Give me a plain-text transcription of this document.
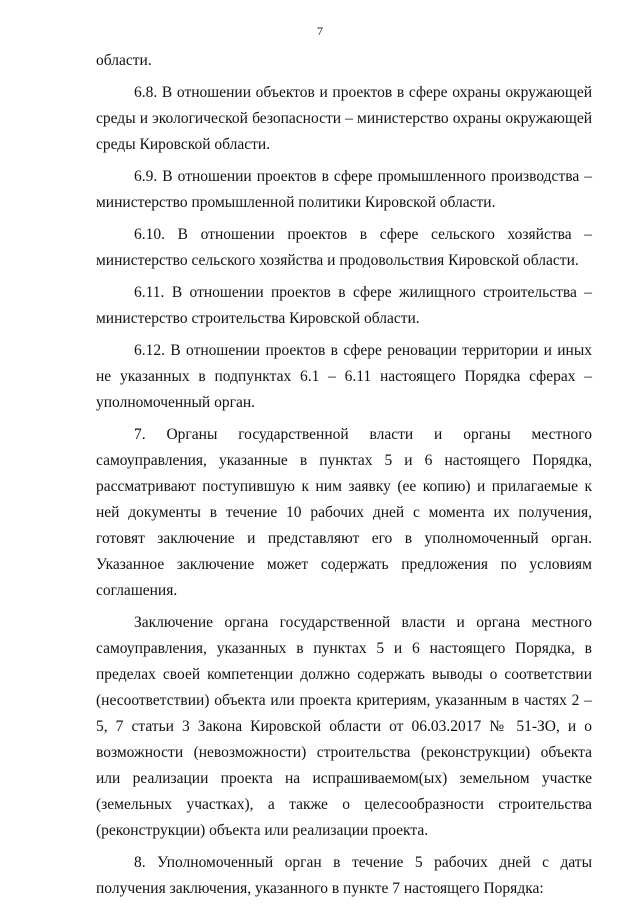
7

области.

6.8. В отношении объектов и проектов в сфере охраны окружающей среды и экологической безопасности – министерство охраны окружающей среды Кировской области.

6.9. В отношении проектов в сфере промышленного производства – министерство промышленной политики Кировской области.

6.10. В отношении проектов в сфере сельского хозяйства – министерство сельского хозяйства и продовольствия Кировской области.

6.11. В отношении проектов в сфере жилищного строительства – министерство строительства Кировской области.

6.12. В отношении проектов в сфере реновации территории и иных не указанных в подпунктах 6.1 – 6.11 настоящего Порядка сферах – уполномоченный орган.

7. Органы государственной власти и органы местного самоуправления, указанные в пунктах 5 и 6 настоящего Порядка, рассматривают поступившую к ним заявку (ее копию) и прилагаемые к ней документы в течение 10 рабочих дней с момента их получения, готовят заключение и представляют его в уполномоченный орган. Указанное заключение может содержать предложения по условиям соглашения.

Заключение органа государственной власти и органа местного самоуправления, указанных в пунктах 5 и 6 настоящего Порядка, в пределах своей компетенции должно содержать выводы о соответствии (несоответствии) объекта или проекта критериям, указанным в частях 2 – 5, 7 статьи 3 Закона Кировской области от 06.03.2017 № 51-ЗО, и о возможности (невозможности) строительства (реконструкции) объекта или реализации проекта на испрашиваемом(ых) земельном участке (земельных участках), а также о целесообразности строительства (реконструкции) объекта или реализации проекта.

8. Уполномоченный орган в течение 5 рабочих дней с даты получения заключения, указанного в пункте 7 настоящего Порядка:
